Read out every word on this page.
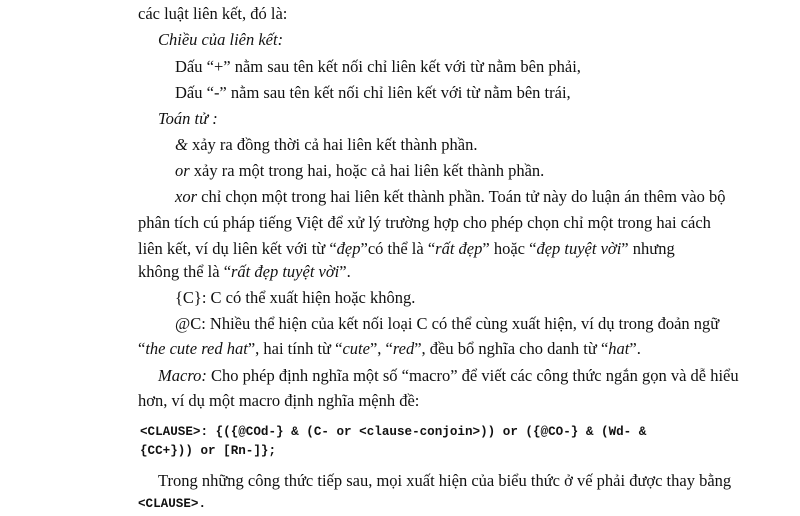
các luật liên kết, đó là:
Chiều của liên kết:
Dấu “+” nằm sau tên kết nối chỉ liên kết với từ nằm bên phải,
Dấu “-” nằm sau tên kết nối chỉ liên kết với từ nằm bên trái,
Toán tử :
& xảy ra đồng thời cả hai liên kết thành phần.
or xảy ra một trong hai, hoặc cả hai liên kết thành phần.
xor chỉ chọn một trong hai liên kết thành phần. Toán tử này do luận án thêm vào bộ
phân tích cú pháp tiếng Việt để xử lý trường hợp cho phép chọn chỉ một trong hai cách
liên kết, ví dụ liên kết với từ “đẹp”có thể là “rất đẹp” hoặc “đẹp tuyệt vời” nhưng
không thể là “rất đẹp tuyệt vời”.
{C}: C có thể xuất hiện hoặc không.
@C: Nhiều thể hiện của kết nối loại C có thể cùng xuất hiện, ví dụ trong đoản ngữ
“the cute red hat”, hai tính từ “cute”, “red”, đều bổ nghĩa cho danh từ “hat”.
Macro: Cho phép định nghĩa một số “macro” để viết các công thức ngắn gọn và dễ hiểu
hơn, ví dụ một macro định nghĩa mệnh đề:
<CLAUSE>: {({@COd-} & (C- or <clause-conjoin>)) or ({@CO-} & (Wd- &
{CC+})) or [Rn-]};
Trong những công thức tiếp sau, mọi xuất hiện của biểu thức ở vế phải được thay bằng
<CLAUSE>.
